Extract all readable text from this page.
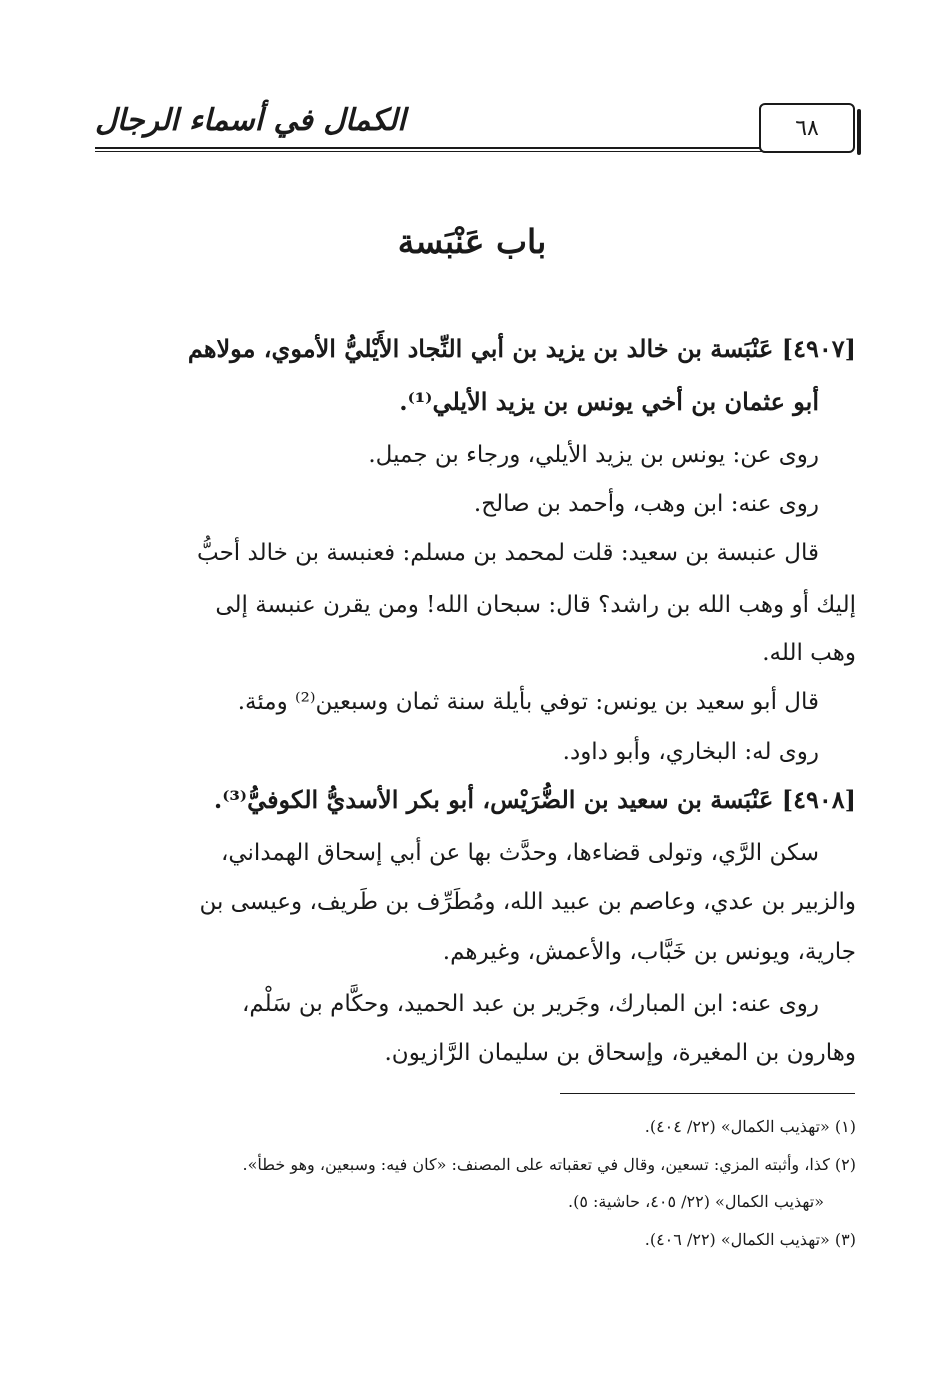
٦٨
الكمال في أسماء الرجال
باب عَنْبَسة
[٤٩٠٧] عَنْبَسة بن خالد بن يزيد بن أبي النِّجاد الأَيْليُّ الأموي، مولاهم
أبو عثمان بن أخي يونس بن يزيد الأيلي⁽¹⁾.
روى عن: يونس بن يزيد الأيلي، ورجاء بن جميل.
روى عنه: ابن وهب، وأحمد بن صالح.
قال عنبسة بن سعيد: قلت لمحمد بن مسلم: فعنبسة بن خالد أحبُّ
إليك أو وهب الله بن راشد؟ قال: سبحان الله! ومن يقرن عنبسة إلى
وهب الله.
قال أبو سعيد بن يونس: توفي بأيلة سنة ثمان وسبعين⁽²⁾ ومئة.
روى له: البخاري، وأبو داود.
[٤٩٠٨] عَنْبَسة بن سعيد بن الضُّرَيْس، أبو بكر الأسديُّ الكوفيُّ⁽³⁾.
سكن الرَّي، وتولى قضاءها، وحدَّث بها عن أبي إسحاق الهمداني،
والزبير بن عدي، وعاصم بن عبيد الله، ومُطَرِّف بن طَريف، وعيسى بن
جارية، ويونس بن خَبَّاب، والأعمش، وغيرهم.
روى عنه: ابن المبارك، وجَرير بن عبد الحميد، وحكَّام بن سَلْم،
وهارون بن المغيرة، وإسحاق بن سليمان الرَّازيون.
(١) «تهذيب الكمال» (٢٢/ ٤٠٤).
(٢) كذا، وأثبته المزي: تسعين، وقال في تعقباته على المصنف: «كان فيه: وسبعين، وهو خطأ».
«تهذيب الكمال» (٢٢/ ٤٠٥، حاشية: ٥).
(٣) «تهذيب الكمال» (٢٢/ ٤٠٦).
